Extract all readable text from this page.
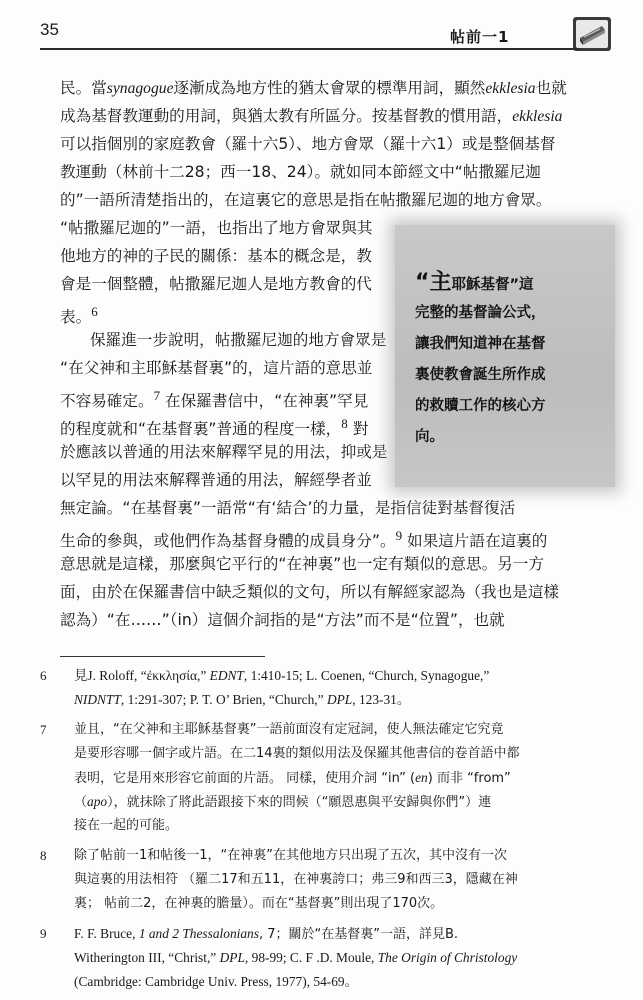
35	帖前一1
民。當synagogue逐漸成為地方性的猶太會眾的標準用詞，顯然ekklesia也就
成為基督教運動的用詞，與猶太教有所區分。按基督教的慣用語，ekklesia
可以指個別的家庭教會（羅十六5）、地方會眾（羅十六1）或是整個基督
教運動（林前十二28；西一18、24）。就如同本節經文中“帖撒羅尼迦
的”一語所清楚指出的，在這裏它的意思是指在帖撒羅尼迦的地方會眾。
“帖撒羅尼迦的”一語，也指出了地方會眾與其
他地方的神的子民的關係：基本的概念是，教
會是一個整體，帖撒羅尼迦人是地方教會的代
表。$^6$
保羅進一步說明，帖撒羅尼迦的地方會眾是
“在父神和主耶穌基督裏”的，這片語的意思並
不容易確定。$^7$ 在保羅書信中，“在神裏”罕見
的程度就和“在基督裏”普通的程度一樣，$^8$ 對
於應該以普通的用法來解釋罕見的用法，抑或是
以罕見的用法來解釋普通的用法，解經學者並
無定論。“在基督裏”一語常“有‘結合’的力量，是指信徒對基督復活
生命的參與，或他們作為基督身體的成員身分”。$^9$ 如果這片語在這裏的
意思就是這樣，那麼與它平行的“在神裏”也一定有類似的意思。另一方
面，由於在保羅書信中缺乏類似的文句，所以有解經家認為（我也是這樣
認為）“在……”（in）這個介詞指的是“方法”而不是“位置”，也就
“主耶穌基督”這
完整的基督論公式，
讓我們知道神在基督
裏使教會誕生所作成
的救贖工作的核心方
向。
6 見J. Roloff, “ἐκκλησία,” EDNT, 1:410-15; L. Coenen, “Church, Synagogue,”
NIDNTT, 1:291-307; P. T. O’ Brien, “Church,” DPL, 123-31。
7 並且，“在父神和主耶穌基督裏”一語前面沒有定冠詞，使人無法確定它究竟
是要形容哪一個字或片語。在二14裏的類似用法及保羅其他書信的卷首語中都
表明，它是用來形容它前面的片語。 同樣，使用介詞 “in” (en) 而非 “from”
（apo），就抹除了將此語跟接下來的問候（“願恩惠與平安歸與你們”）連
接在一起的可能。
8 除了帖前一1和帖後一1，“在神裏”在其他地方只出現了五次，其中沒有一次
與這裏的用法相符 （羅二17和五11，在神裏誇口；弗三9和西三3，隱藏在神
裏； 帖前二2，在神裏的膽量）。而在“基督裏”則出現了170次。
9 F. F. Bruce, 1 and 2 Thessalonians, 7；關於“在基督裏”一語，詳見B.
Witherington III, “Christ,” DPL, 98-99; C. F .D. Moule, The Origin of Christology
(Cambridge: Cambridge Univ. Press, 1977), 54-69。
